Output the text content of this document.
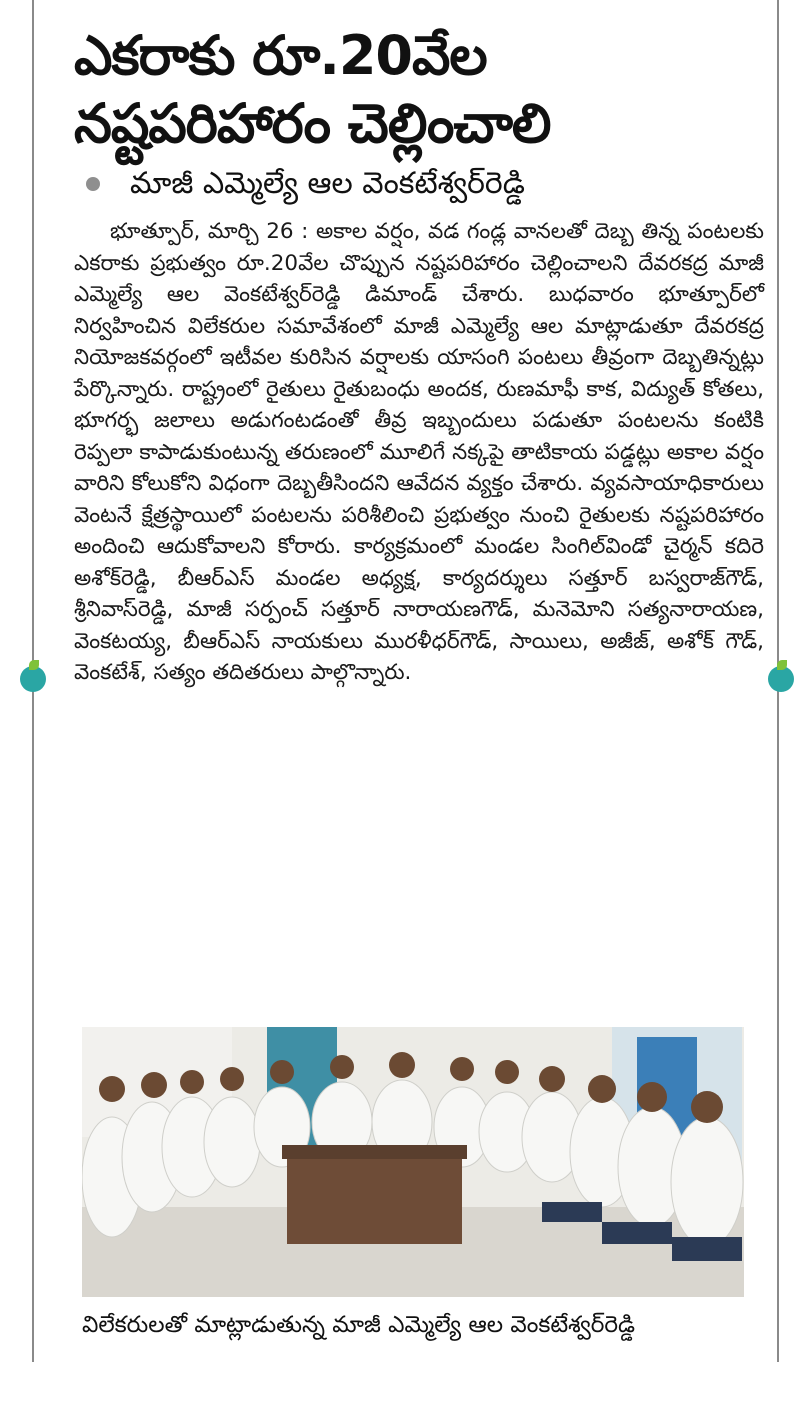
ఎకరాకు రూ.20వేల
నష్టపరిహారం చెల్లించాలి
మాజీ ఎమ్మెల్యే ఆల వెంకటేశ్వర్‌రెడ్డి
భూత్పూర్, మార్చి 26 : అకాల వర్షం, వడ గండ్ల వానలతో దెబ్బ తిన్న పంటలకు ఎకరాకు ప్రభుత్వం రూ.20వేల చొప్పున నష్టపరిహారం చెల్లించాలని దేవరకద్ర మాజీ ఎమ్మెల్యే ఆల వెంకటేశ్వర్‌రెడ్డి డిమాండ్ చేశారు. బుధవారం భూత్పూర్‌లో నిర్వహించిన విలేకరుల సమావేశంలో మాజీ ఎమ్మెల్యే ఆల మాట్లాడుతూ దేవరకద్ర నియోజకవర్గంలో ఇటీవల కురిసిన వర్షాలకు యాసంగి పంటలు తీవ్రంగా దెబ్బతిన్నట్లు పేర్కొన్నారు. రాష్ట్రంలో రైతులు రైతుబంధు అందక, రుణమాఫీ కాక, విద్యుత్ కోతలు, భూగర్భ జలాలు అడుగంటడంతో తీవ్ర ఇబ్బందులు పడుతూ పంటలను కంటికి రెప్పలా కాపాడుకుంటున్న తరుణంలో మూలిగే నక్కపై తాటికాయ పడ్డట్లు అకాల వర్షం వారిని కోలుకోని విధంగా దెబ్బతీసిందని ఆవేదన వ్యక్తం చేశారు. వ్యవసాయాధికారులు వెంటనే క్షేత్రస్థాయిలో పంటలను పరిశీలించి ప్రభుత్వం నుంచి రైతులకు నష్టపరిహారం అందించి ఆదుకోవాలని కోరారు. కార్యక్రమంలో మండల సింగిల్‌విండో చైర్మన్ కదిరె అశోక్‌రెడ్డి, బీఆర్‌ఎస్ మండల అధ్యక్ష, కార్యదర్శులు సత్తూర్ బస్వరాజ్‌గౌడ్, శ్రీనివాస్‌రెడ్డి, మాజీ సర్పంచ్ సత్తూర్ నారాయణగౌడ్, మనెమోని సత్యనారాయణ, వెంకటయ్య, బీఆర్‌ఎస్ నాయకులు మురళీధర్‌గౌడ్, సాయిలు, అజీజ్, అశోక్ గౌడ్, వెంకటేశ్, సత్యం తదితరులు పాల్గొన్నారు.
విలేకరులతో మాట్లాడుతున్న మాజీ ఎమ్మెల్యే ఆల వెంకటేశ్వర్‌రెడ్డి
